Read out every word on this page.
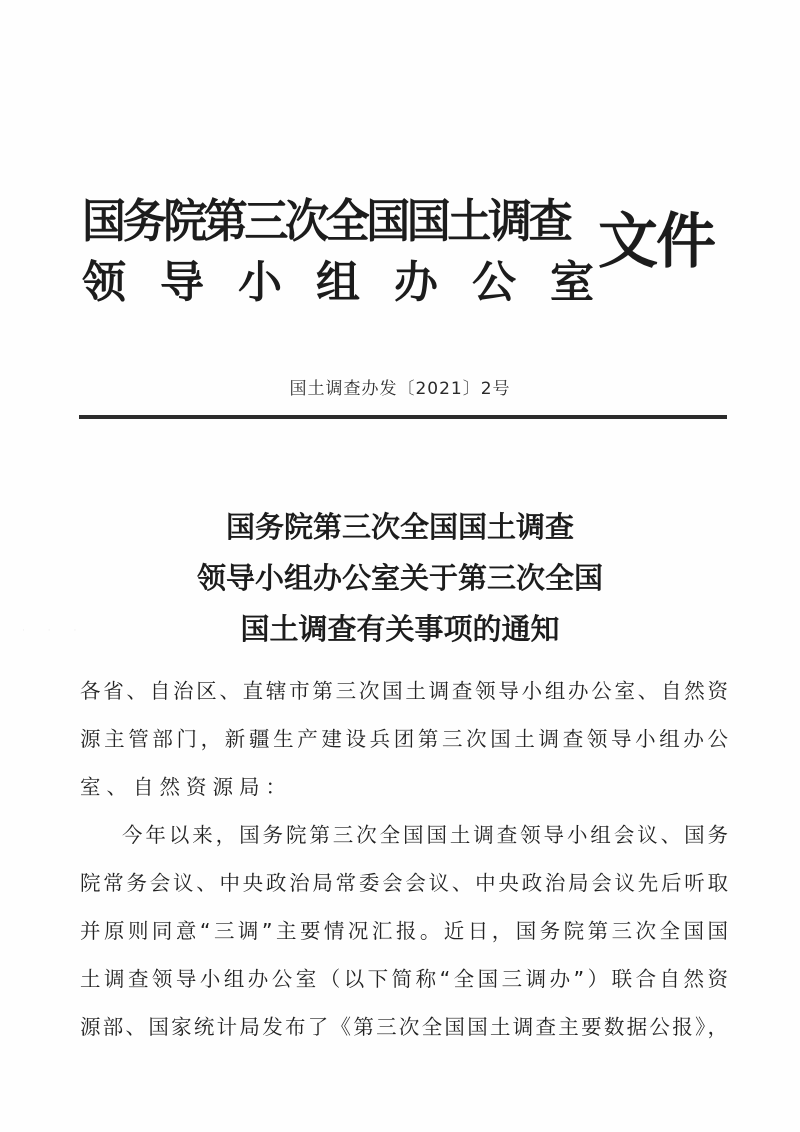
国务院第三次全国国土调查
领 导 小 组 办 公 室
文件
国土调查办发〔2021〕2号
· · ·
国务院第三次全国国土调查
领导小组办公室关于第三次全国
国土调查有关事项的通知
各省、自治区、直辖市第三次国土调查领导小组办公室、自然资
源主管部门，新疆生产建设兵团第三次国土调查领导小组办公
室、自然资源局：
今年以来，国务院第三次全国国土调查领导小组会议、国务
院常务会议、中央政治局常委会会议、中央政治局会议先后听取
并原则同意“三调”主要情况汇报。近日，国务院第三次全国国
土调查领导小组办公室（以下简称“全国三调办”）联合自然资
源部、国家统计局发布了《第三次全国国土调查主要数据公报》，
